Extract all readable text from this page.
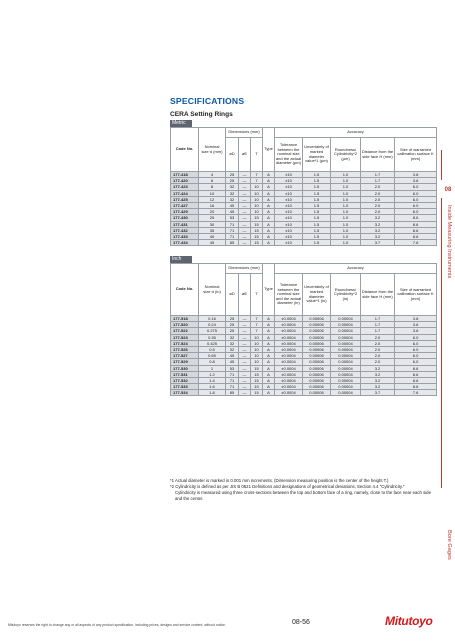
SPECIFICATIONS
CERA Setting Rings
Metric
Code No.	Nominal size·d (mm)	Dimensions (mm)			Type	Accuracy				
		øD	øE	T		Tolerance between the nominal size and the actual diameter (µm)	Uncertainty of marked diameter value*1 (µm)	Roundness/ Cylindricity*2 (µm)	Distance from the side face H (mm)	Size of warranted calibration surface K (mm)
177-418	4	25	—	7	A	±10	1.5	1.0	1.7	3.6
177-420	6	25	—	7	A	±10	1.5	1.0	1.7	3.6
177-423	8	32	—	10	A	±10	1.5	1.0	2.0	6.0
177-424	10	32	—	10	A	±10	1.5	1.0	2.0	6.0
177-425	12	32	—	10	A	±10	1.5	1.0	2.0	6.0
177-427	16	45	—	10	A	±10	1.5	1.0	2.0	6.0
177-429	20	45	—	10	A	±10	1.5	1.0	2.0	6.0
177-430	25	53	—	15	A	±10	1.5	1.0	3.2	8.6
177-431	30	71	—	15	A	±10	1.5	1.0	3.2	8.6
177-432	35	71	—	15	A	±10	1.5	1.0	3.2	8.6
177-433	40	71	—	15	A	±10	1.5	1.0	3.2	8.6
177-434	45	85	—	15	A	±10	1.5	1.0	3.7	7.6
Inch
Code No.	Nominal size·d (in)	Dimensions (mm)			Type	Accuracy				
		øD	øE	T		Tolerance between the nominal size and the actual diameter (in)	Uncertainty of marked diameter value*1 (in)	Roundness/ Cylindricity*2 (in)	Distance from the side face H (mm)	Size of warranted calibration surface K (mm)
177-518	0.16	25	—	7	A	±0.0004	0.00006	0.00004	1.7	3.6
177-520	0.24	25	—	7	A	±0.0004	0.00006	0.00004	1.7	3.6
177-522	0.275	25	—	7	A	±0.0004	0.00006	0.00004	1.7	3.6
177-523	0.35	32	—	10	A	±0.0004	0.00006	0.00004	2.0	6.0
177-524	0.425	32	—	10	A	±0.0004	0.00006	0.00004	2.0	6.0
177-526	0.5	32	—	10	A	±0.0004	0.00006	0.00004	2.0	6.0
177-527	0.65	45	—	10	A	±0.0004	0.00006	0.00004	2.0	6.0
177-529	0.8	45	—	10	A	±0.0004	0.00006	0.00004	2.0	6.0
177-530	1	53	—	15	A	±0.0004	0.00006	0.00004	3.2	8.6
177-531	1.2	71	—	15	A	±0.0004	0.00006	0.00004	3.2	8.6
177-532	1.4	71	—	15	A	±0.0004	0.00006	0.00004	3.2	8.6
177-533	1.6	71	—	15	A	±0.0004	0.00006	0.00004	3.2	8.6
177-534	1.8	85	—	15	A	±0.0004	0.00006	0.00004	3.7	7.6
*1 Actual diameter is marked in 0.001 mm increments. (Dimension measuring position is the center of the height T.)
*2 Cylindricity is defined as per JIS B 0621 Definitions and designations of geometrical deviations, Section 4.4 "Cylindricity."
Cylindricity is measured using three cross-sections between the top and bottom face of a ring, namely, close to the face near each side and the center.
08
Inside Measuring Instruments
Bore Gages
Mitutoyo reserves the right to change any or all aspects of any product specification, including prices, designs and service content, without notice.	08-56	Mitutoyo
